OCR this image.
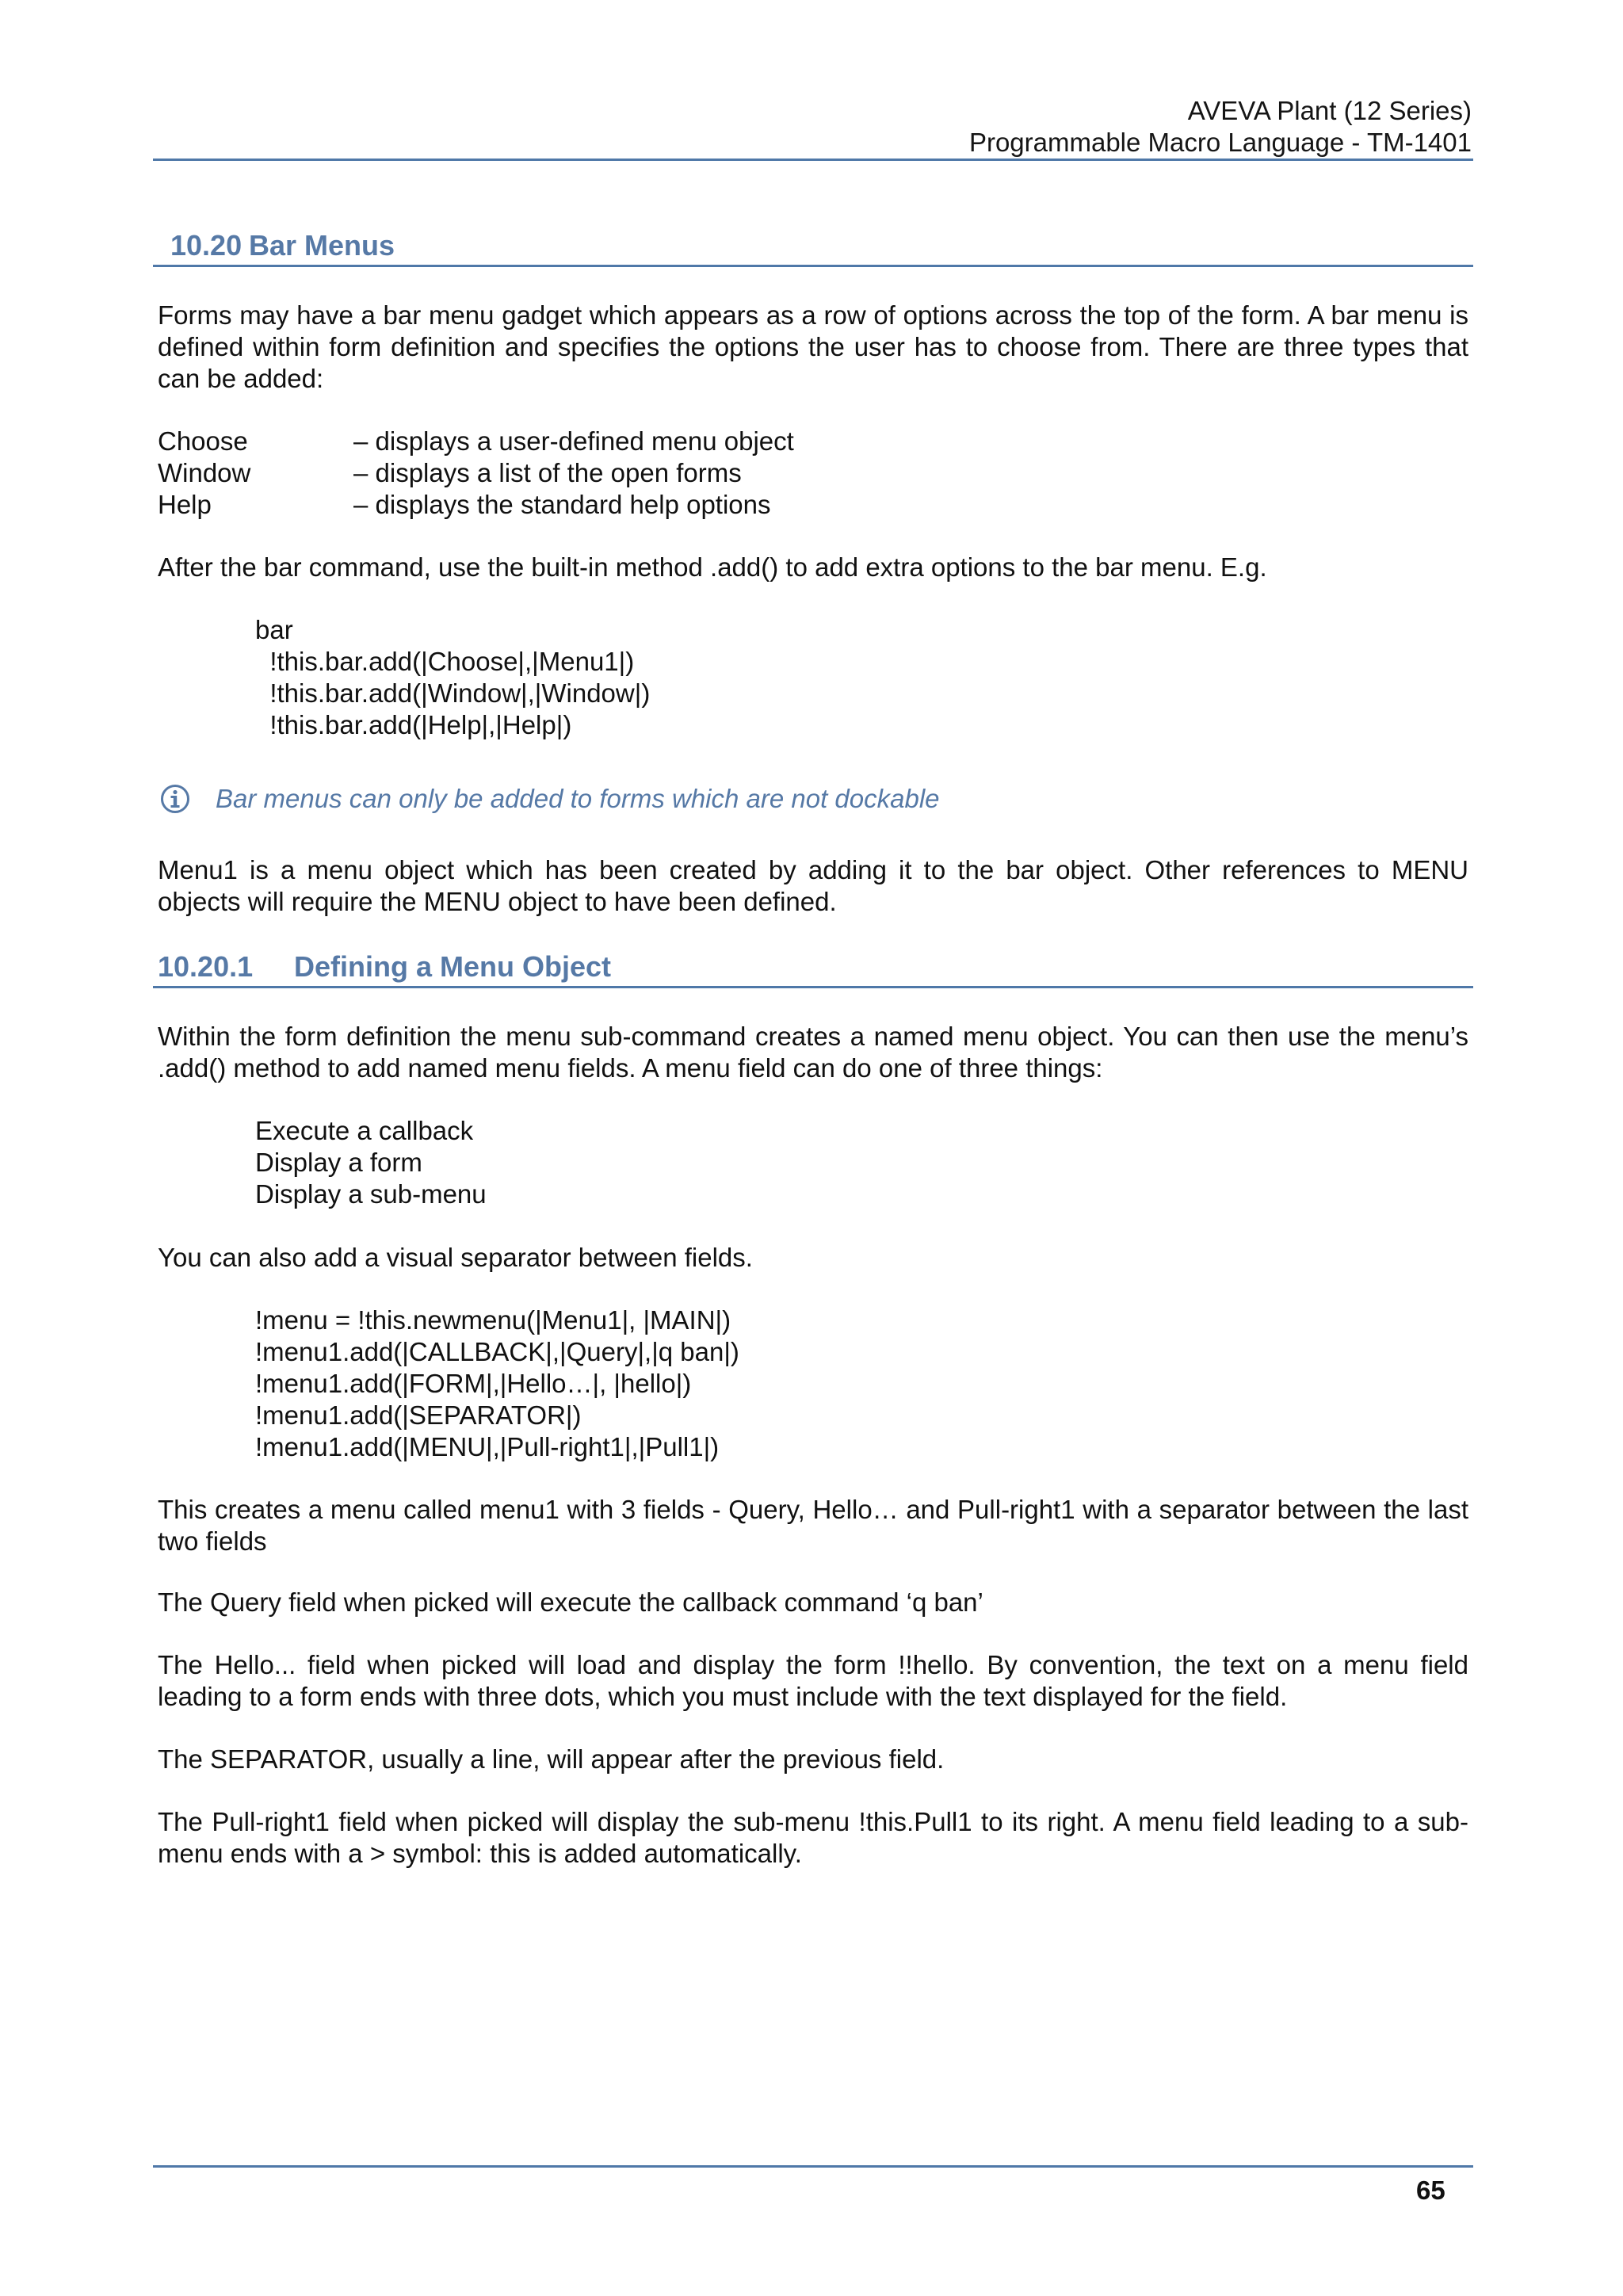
AVEVA Plant (12 Series)
Programmable Macro Language - TM-1401
10.20 Bar Menus
Forms may have a bar menu gadget which appears as a row of options across the top of the form. A bar menu is defined within form definition and specifies the options the user has to choose from. There are three types that can be added:
Choose	– displays a user-defined menu object
Window	– displays a list of the open forms
Help	– displays the standard help options
After the bar command, use the built-in method .add() to add extra options to the bar menu. E.g.
bar
!this.bar.add(|Choose|,|Menu1|)
!this.bar.add(|Window|,|Window|)
!this.bar.add(|Help|,|Help|)
Bar menus can only be added to forms which are not dockable
Menu1 is a menu object which has been created by adding it to the bar object. Other references to MENU objects will require the MENU object to have been defined.
10.20.1 Defining a Menu Object
Within the form definition the menu sub-command creates a named menu object. You can then use the menu’s .add() method to add named menu fields. A menu field can do one of three things:
Execute a callback
Display a form
Display a sub-menu
You can also add a visual separator between fields.
!menu = !this.newmenu(|Menu1|, |MAIN|)
!menu1.add(|CALLBACK|,|Query|,|q ban|)
!menu1.add(|FORM|,|Hello…|, |hello|)
!menu1.add(|SEPARATOR|)
!menu1.add(|MENU|,|Pull-right1|,|Pull1|)
This creates a menu called menu1 with 3 fields - Query, Hello… and Pull-right1 with a separator between the last two fields
The Query field when picked will execute the callback command ‘q ban’
The Hello... field when picked will load and display the form !!hello. By convention, the text on a menu field leading to a form ends with three dots, which you must include with the text displayed for the field.
The SEPARATOR, usually a line, will appear after the previous field.
The Pull-right1 field when picked will display the sub-menu !this.Pull1 to its right. A menu field leading to a sub-menu ends with a > symbol: this is added automatically.
65
